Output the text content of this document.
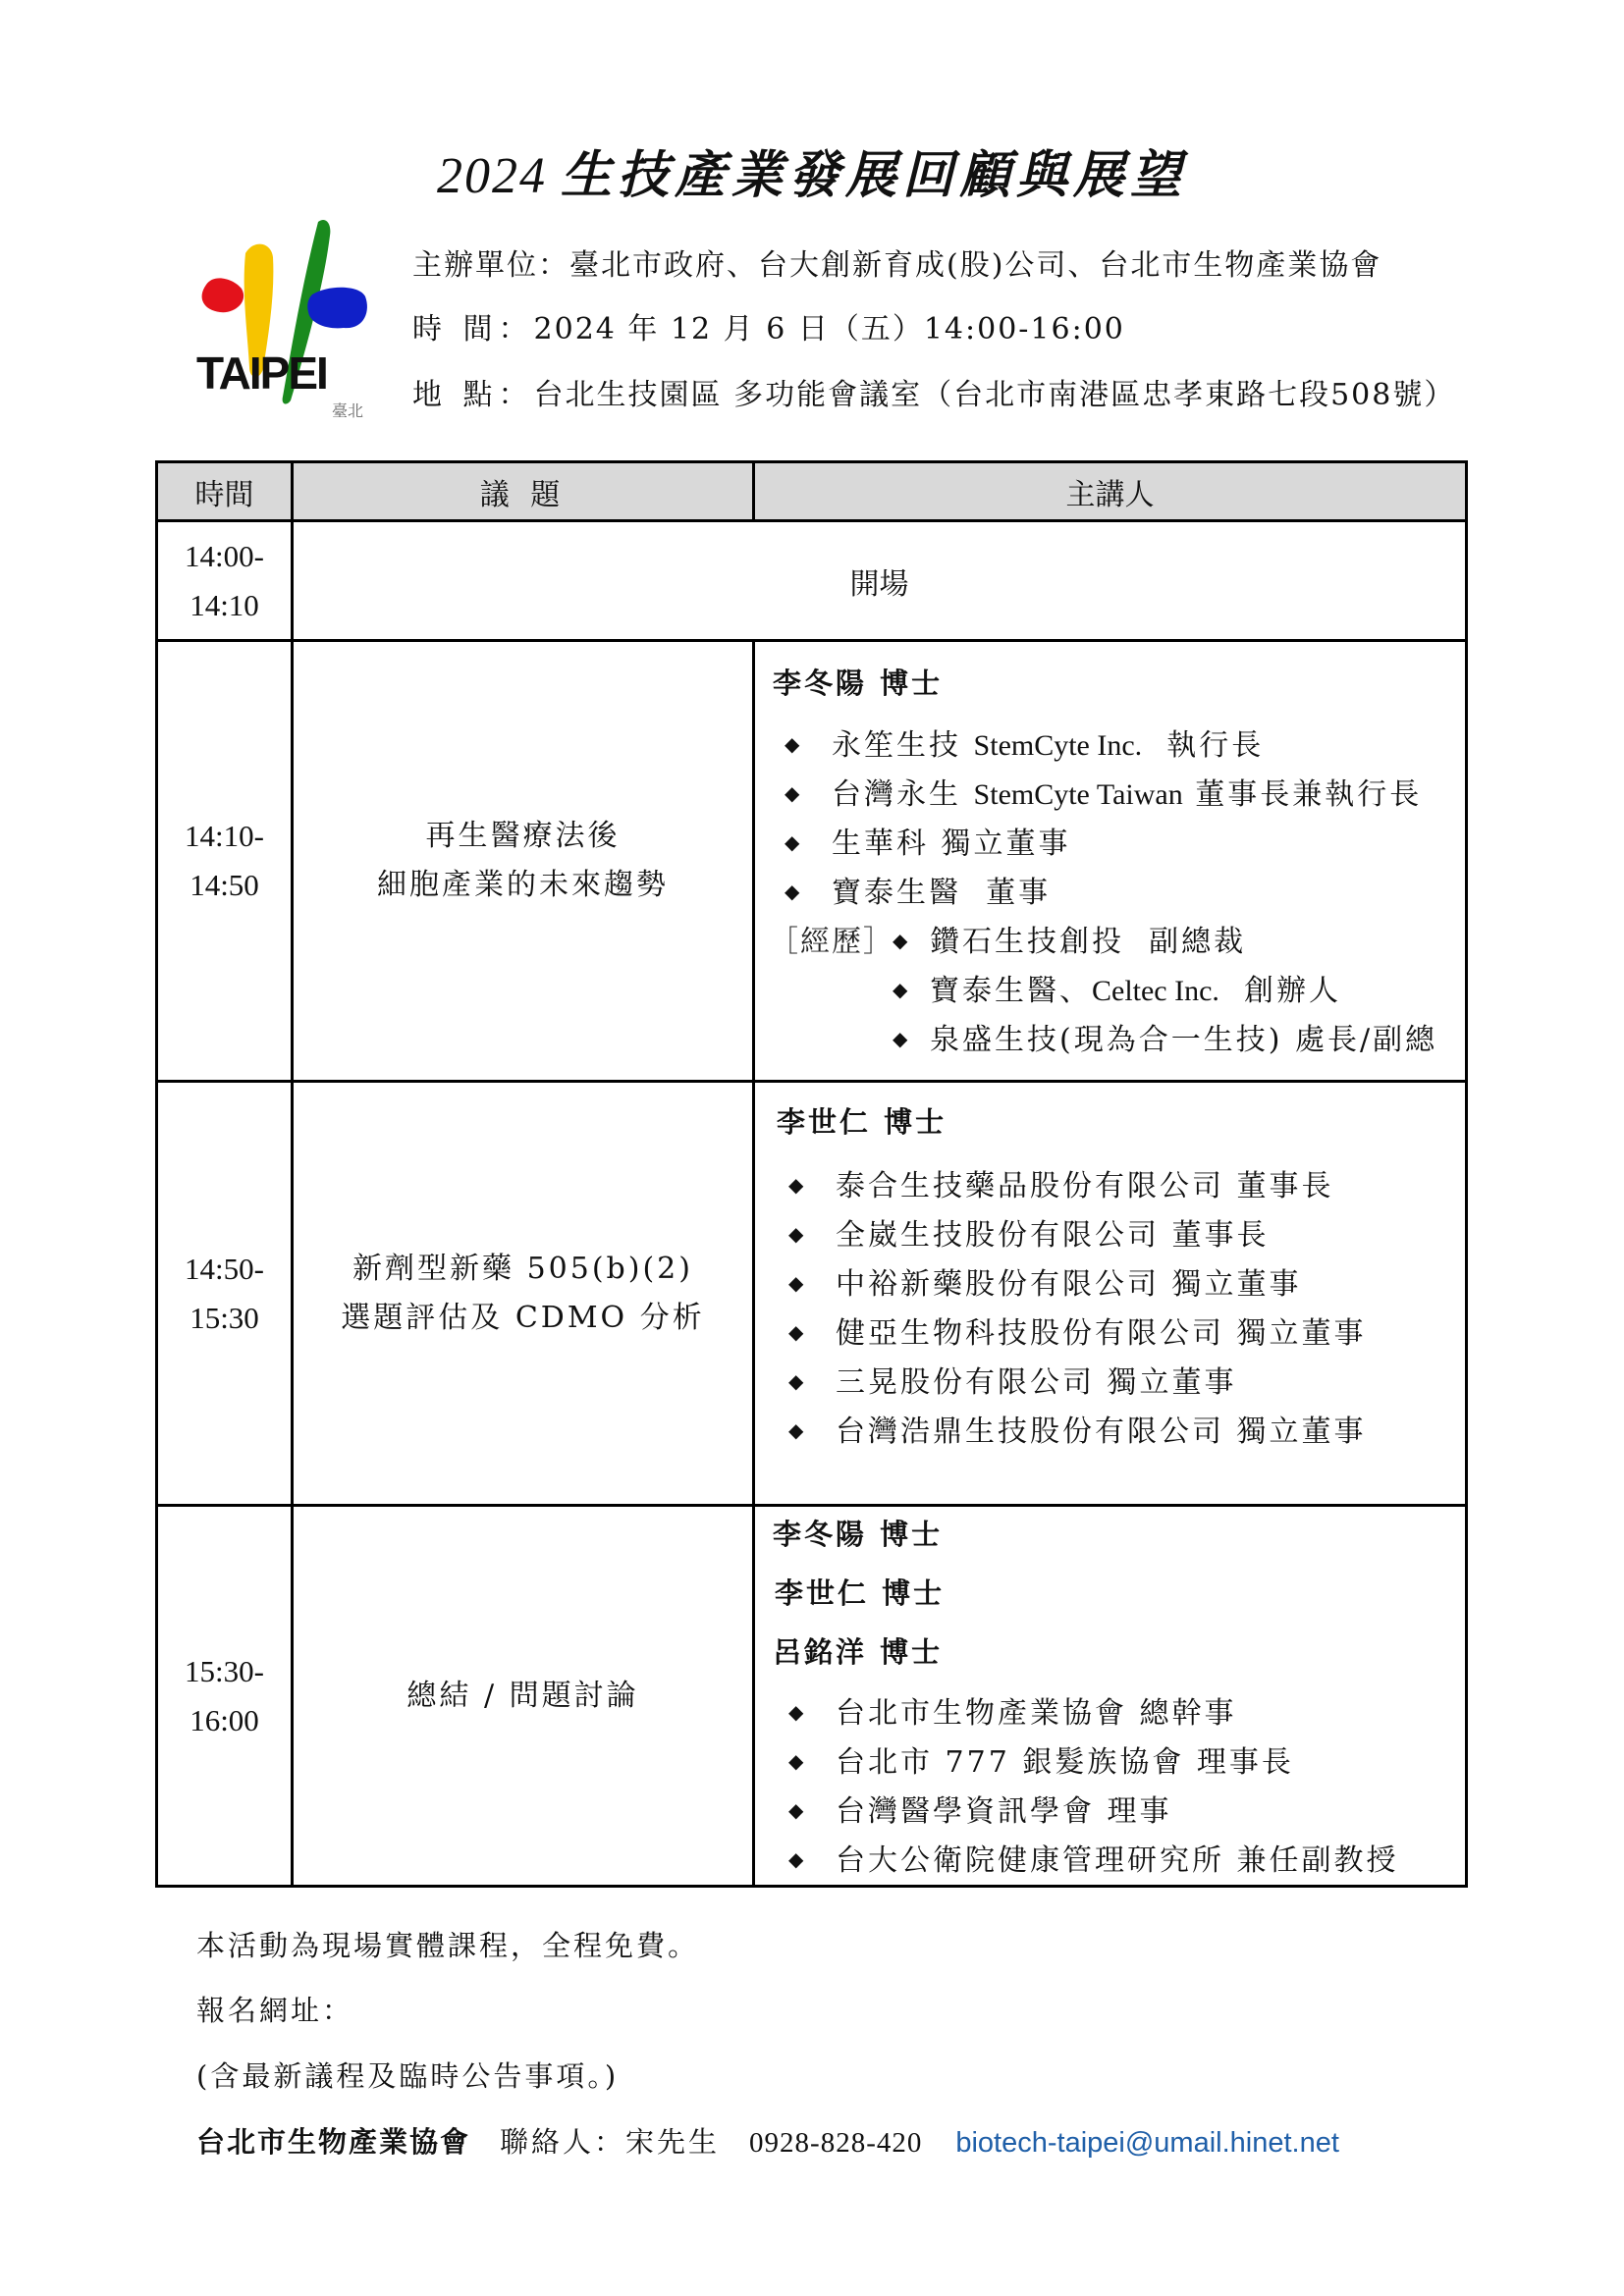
2024 生技產業發展回顧與展望
TAIPEI
臺北
主辦單位：臺北市政府、台大創新育成(股)公司、台北市生物產業協會
時 間：2024 年 12 月 6 日（五）14:00-16:00
地 點：台北生技園區 多功能會議室（台北市南港區忠孝東路七段508號）
時間	議 題	主講人
14:00-
14:10
開場
14:10-
14:50
再生醫療法後
細胞產業的未來趨勢
李冬陽 博士
◆ 永笙生技 StemCyte Inc. 執行長
◆ 台灣永生 StemCyte Taiwan 董事長兼執行長
◆ 生華科 獨立董事
◆ 寶泰生醫 董事
［經歷］
◆ 鑽石生技創投 副總裁
◆ 寶泰生醫、Celtec Inc. 創辦人
◆ 泉盛生技(現為合一生技) 處長/副總
14:50-
15:30
新劑型新藥 505(b)(2)
選題評估及 CDMO 分析
李世仁 博士
◆ 泰合生技藥品股份有限公司 董事長
◆ 全崴生技股份有限公司 董事長
◆ 中裕新藥股份有限公司 獨立董事
◆ 健亞生物科技股份有限公司 獨立董事
◆ 三晃股份有限公司 獨立董事
◆ 台灣浩鼎生技股份有限公司 獨立董事
15:30-
16:00
總結 / 問題討論
李冬陽 博士
李世仁 博士
呂銘洋 博士
◆ 台北市生物產業協會 總幹事
◆ 台北市 777 銀髮族協會 理事長
◆ 台灣醫學資訊學會 理事
◆ 台大公衛院健康管理研究所 兼任副教授
本活動為現場實體課程，全程免費。
報名網址：
(含最新議程及臨時公告事項。)
台北市生物產業協會 聯絡人：宋先生 0928-828-420 biotech-taipei@umail.hinet.net
